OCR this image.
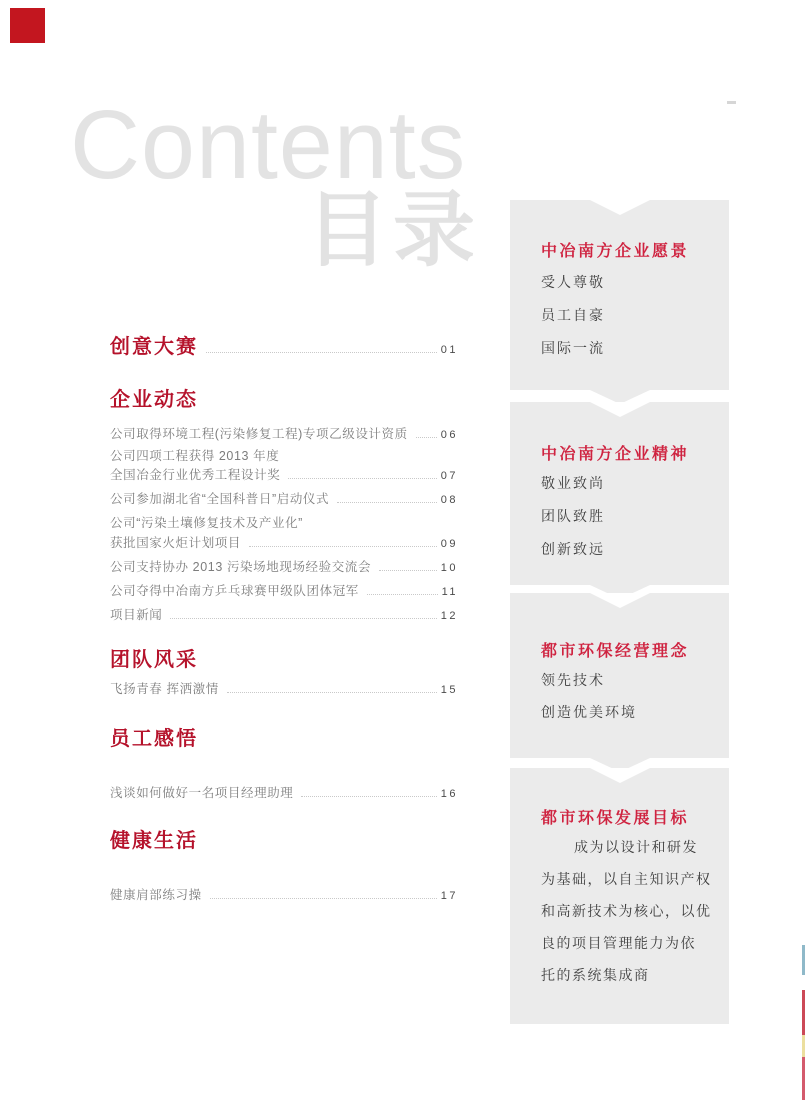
Contents
目录
创意大赛	01
企业动态
公司取得环境工程(污染修复工程)专项乙级设计资质	06
公司四项工程获得 2013 年度
全国冶金行业优秀工程设计奖	07
公司参加湖北省“全国科普日”启动仪式	08
公司“污染土壤修复技术及产业化”
获批国家火炬计划项目	09
公司支持协办 2013 污染场地现场经验交流会	10
公司夺得中冶南方乒乓球赛甲级队团体冠军	11
项目新闻	12
团队风采
飞扬青春 挥洒激情	15
员工感悟
浅谈如何做好一名项目经理助理	16
健康生活
健康肩部练习操	17
中冶南方企业愿景
受人尊敬
员工自豪
国际一流
中冶南方企业精神
敬业致尚
团队致胜
创新致远
都市环保经营理念
领先技术
创造优美环境
都市环保发展目标
成为以设计和研发
为基础，以自主知识产权
和高新技术为核心，以优
良的项目管理能力为依
托的系统集成商
